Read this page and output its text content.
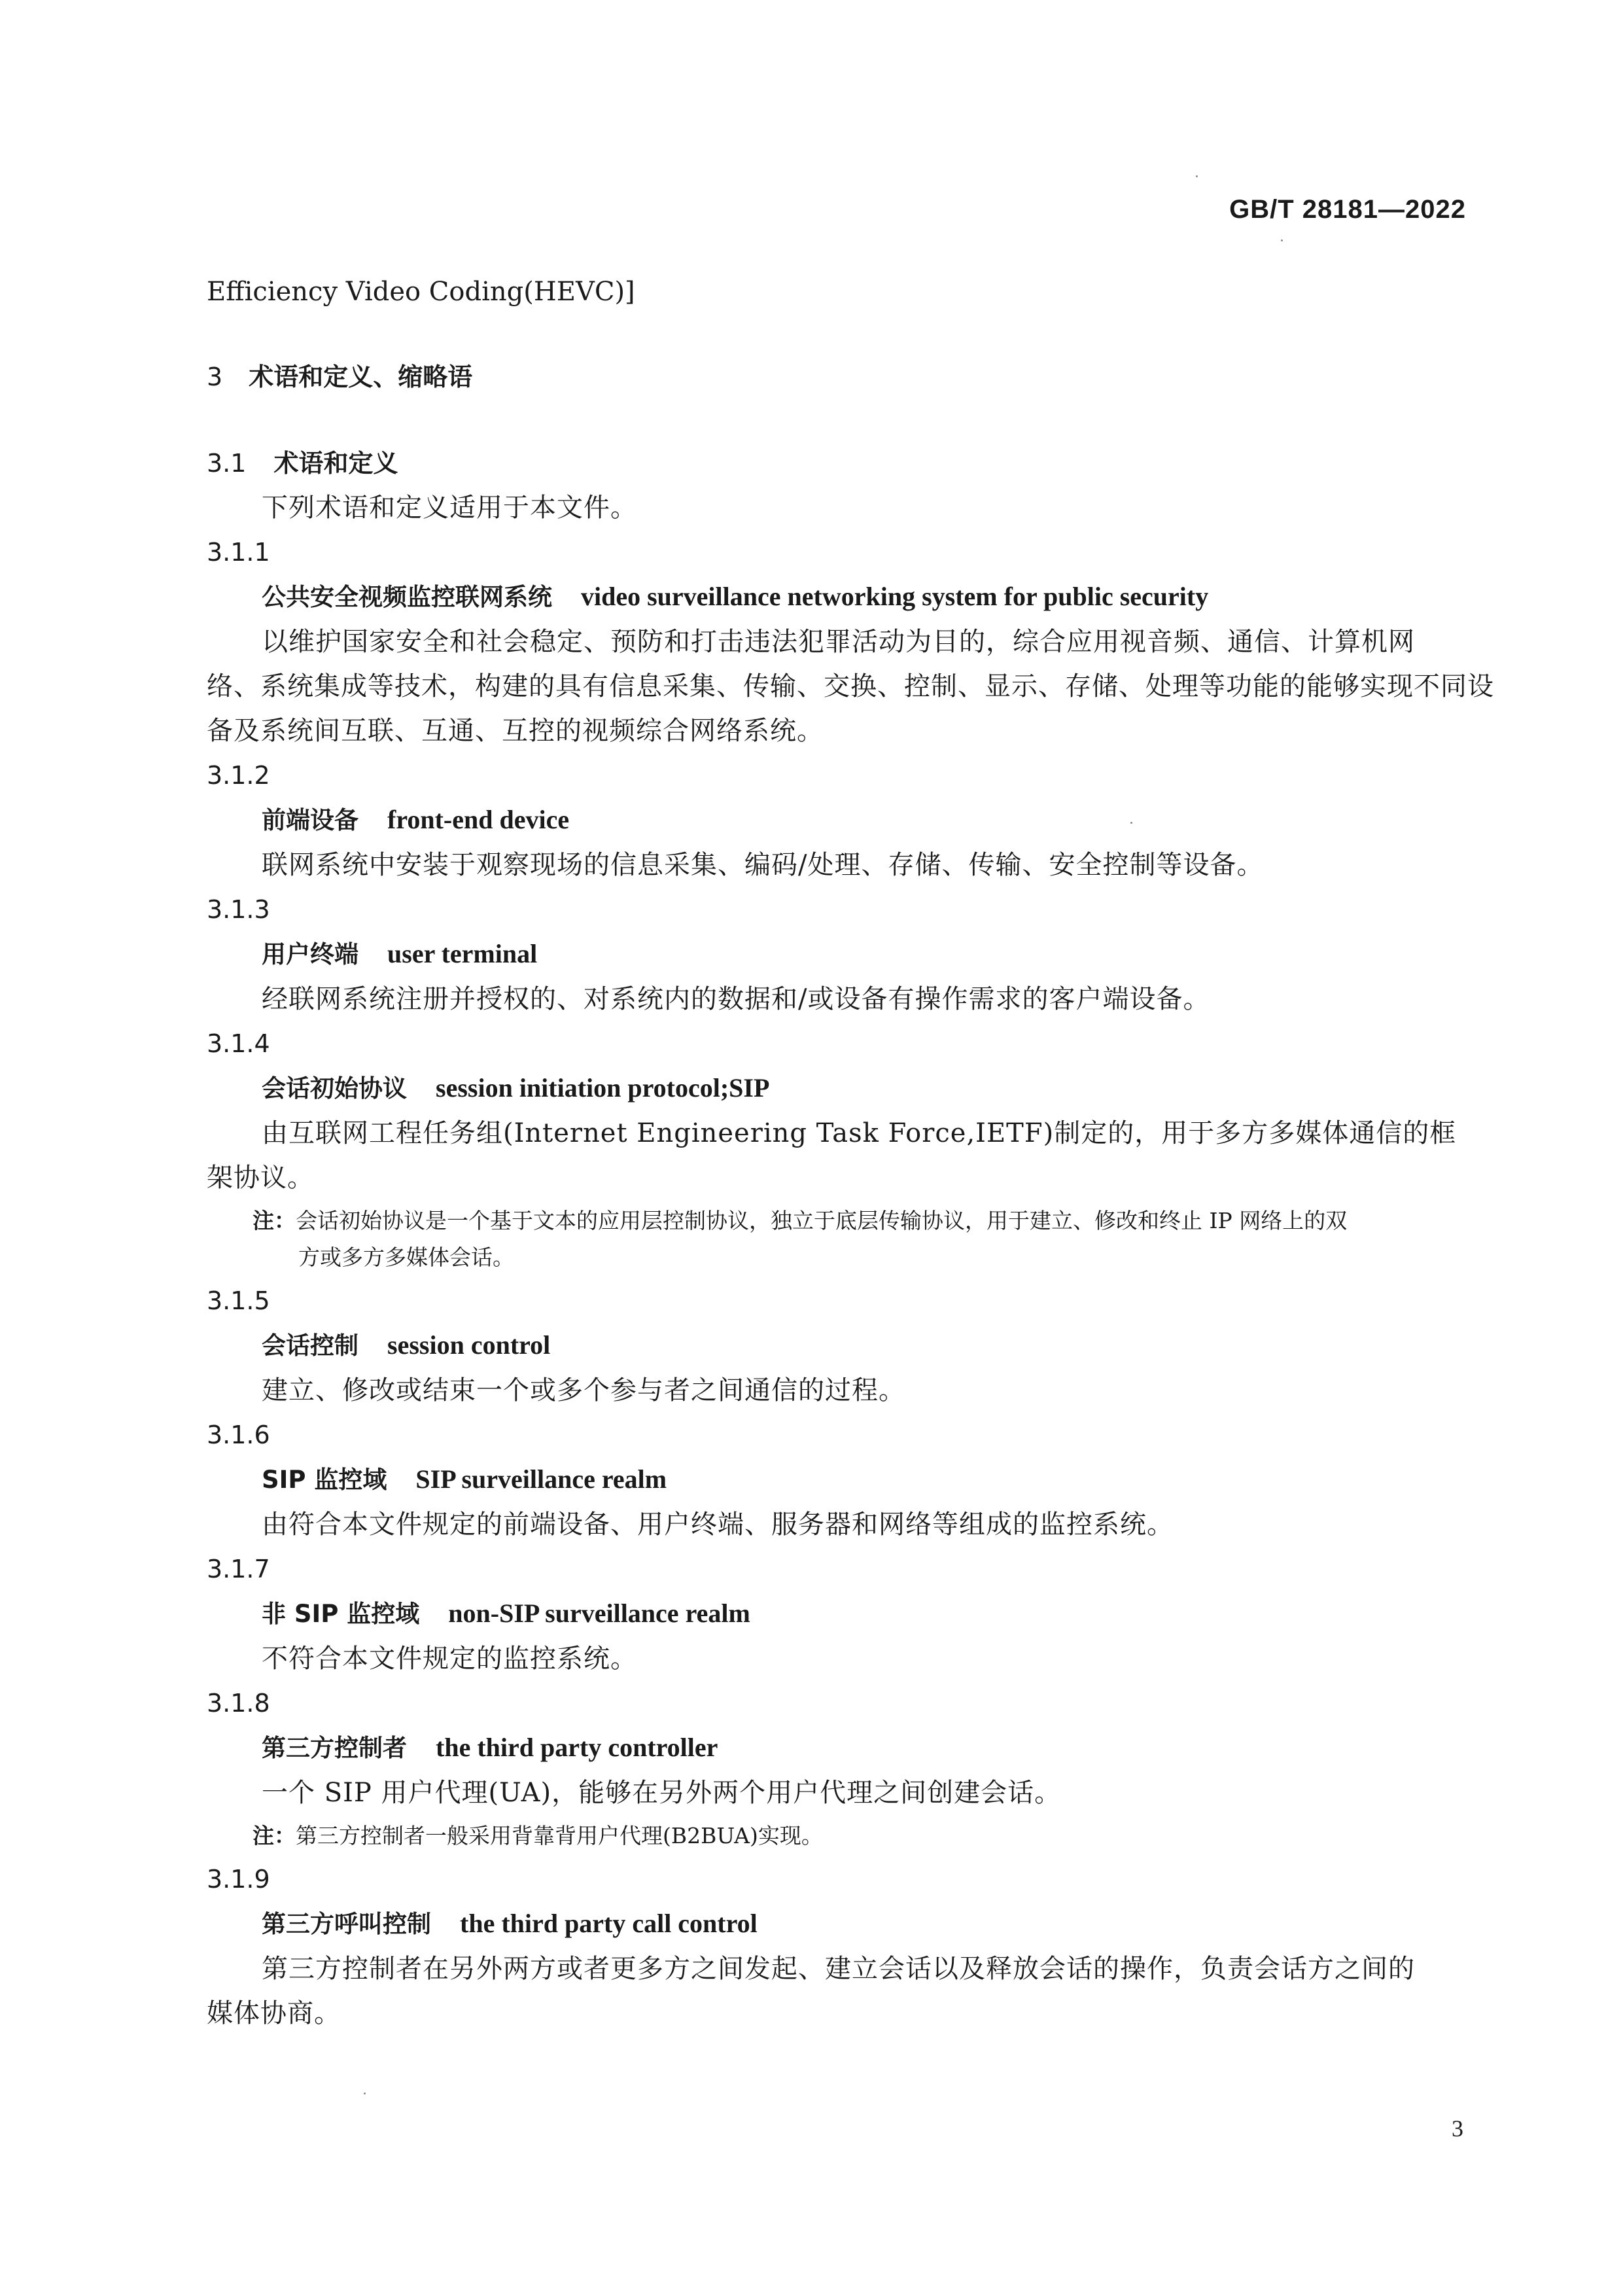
GB/T 28181—2022
Efficiency Video Coding(HEVC)]
3 术语和定义、缩略语
3.1 术语和定义
下列术语和定义适用于本文件。
3.1.1
公共安全视频监控联网系统 video surveillance networking system for public security
以维护国家安全和社会稳定、预防和打击违法犯罪活动为目的，综合应用视音频、通信、计算机网
络、系统集成等技术，构建的具有信息采集、传输、交换、控制、显示、存储、处理等功能的能够实现不同设
备及系统间互联、互通、互控的视频综合网络系统。
3.1.2
前端设备 front-end device
联网系统中安装于观察现场的信息采集、编码/处理、存储、传输、安全控制等设备。
3.1.3
用户终端 user terminal
经联网系统注册并授权的、对系统内的数据和/或设备有操作需求的客户端设备。
3.1.4
会话初始协议 session initiation protocol;SIP
由互联网工程任务组(Internet Engineering Task Force,IETF)制定的，用于多方多媒体通信的框
架协议。
注：会话初始协议是一个基于文本的应用层控制协议，独立于底层传输协议，用于建立、修改和终止 IP 网络上的双
方或多方多媒体会话。
3.1.5
会话控制 session control
建立、修改或结束一个或多个参与者之间通信的过程。
3.1.6
SIP 监控域 SIP surveillance realm
由符合本文件规定的前端设备、用户终端、服务器和网络等组成的监控系统。
3.1.7
非 SIP 监控域 non-SIP surveillance realm
不符合本文件规定的监控系统。
3.1.8
第三方控制者 the third party controller
一个 SIP 用户代理(UA)，能够在另外两个用户代理之间创建会话。
注：第三方控制者一般采用背靠背用户代理(B2BUA)实现。
3.1.9
第三方呼叫控制 the third party call control
第三方控制者在另外两方或者更多方之间发起、建立会话以及释放会话的操作，负责会话方之间的
媒体协商。
3
